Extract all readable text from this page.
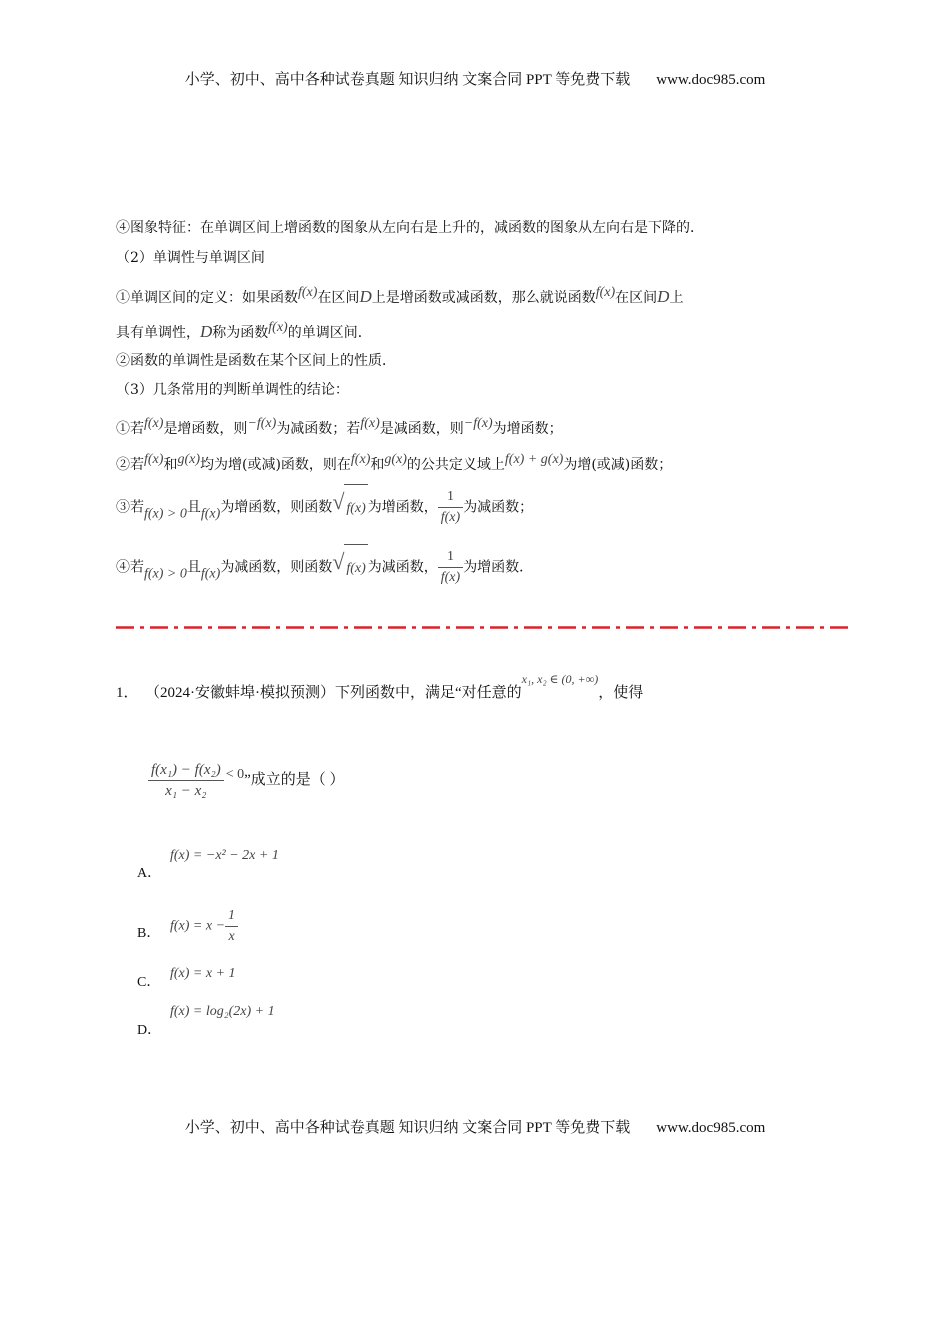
小学、初中、高中各种试卷真题 知识归纳 文案合同 PPT 等免费下载 www.doc985.com
④图象特征：在单调区间上增函数的图象从左向右是上升的，减函数的图象从左向右是下降的．
（2）单调性与单调区间
①单调区间的定义：如果函数f(x)在区间D上是增函数或减函数，那么就说函数f(x)在区间D上
具有单调性，D称为函数f(x)的单调区间．
②函数的单调性是函数在某个区间上的性质．
（3）几条常用的判断单调性的结论：
①若f(x)是增函数，则−f(x)为减函数；若f(x)是减函数，则−f(x)为增函数；
②若f(x)和g(x)均为增(或减)函数，则在f(x)和g(x)的公共定义域上f(x) + g(x)为增(或减)函数；
③若f(x) > 0且f(x)为增函数，则函数 √ f(x) 为增函数， $\frac{1}{f(x)}$ 为减函数；
④若f(x) > 0且f(x)为减函数，则函数 √ f(x) 为减函数， $\frac{1}{f(x)}$ 为增函数．
1． （2024·安徽蚌埠·模拟预测）下列函数中，满足“对任意的$^{x_1, x_2 \in (0, +\infty)}$，使得
$\frac{\text{f(x₁) − f(x₂)}}{\text{x₁ − x₂}} < 0$”成立的是（ ）
A．
f(x) = −x² − 2x + 1
B． $f(x) = x - \frac{1}{x}$
C．
f(x) = x + 1
D．
f(x) = log₂(2x) + 1
小学、初中、高中各种试卷真题 知识归纳 文案合同 PPT 等免费下载 www.doc985.com
